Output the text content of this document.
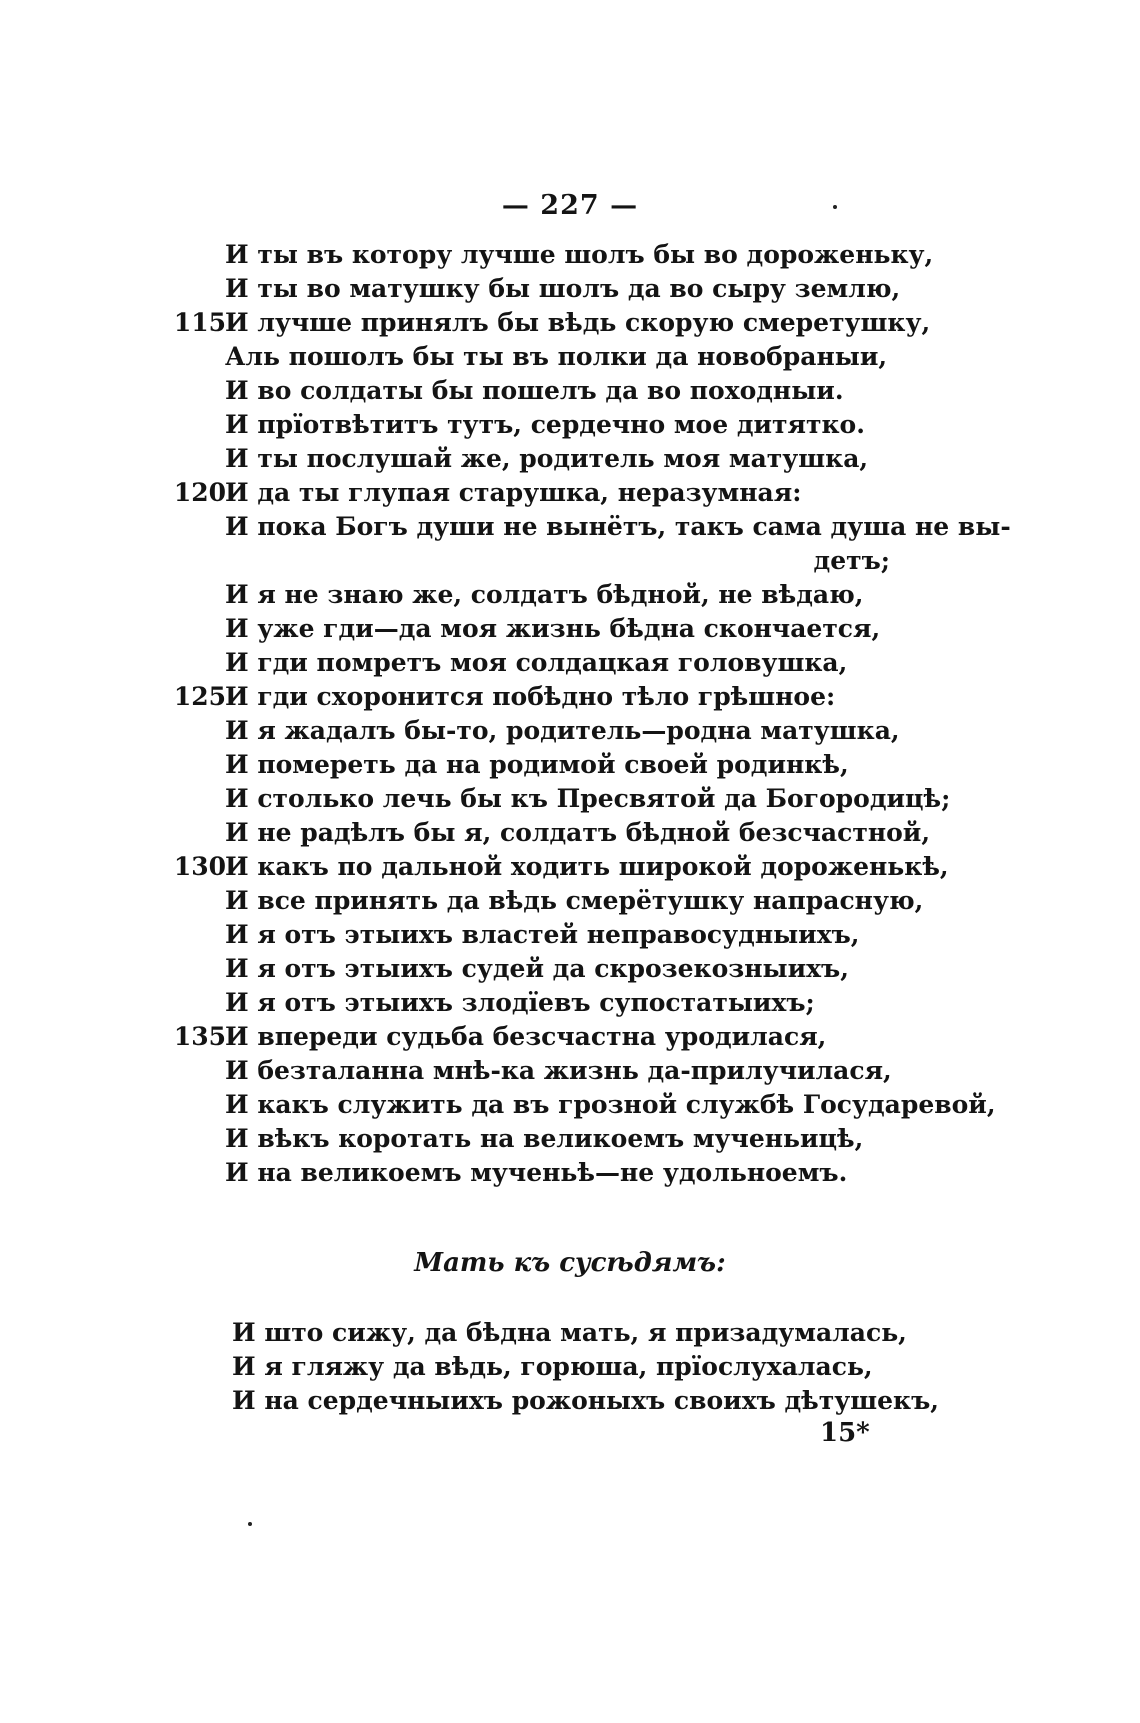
— 227 —
И ты въ котору лучше шолъ бы во дороженьку,
И ты во матушку бы шолъ да во сыру землю,
115 И лучше принялъ бы вѣдь скорую смеретушку,
Аль пошолъ бы ты въ полки да новобраныи,
И во солдаты бы пошелъ да во походныи.
И прїотвѣтитъ тутъ, сердечно мое дитятко.
И ты послушай же, родитель моя матушка,
120 И да ты глупая старушка, неразумная:
И пока Богъ души не вынётъ, такъ сама душа не вы-
детъ;
И я не знаю же, солдатъ бѣдной, не вѣдаю,
И уже гди—да моя жизнь бѣдна скончается,
И гди помретъ моя солдацкая головушка,
125 И гди схоронится побѣдно тѣло грѣшное:
И я жадалъ бы-то, родитель—родна матушка,
И помереть да на родимой своей родинкѣ,
И столько лечь бы къ Пресвятой да Богородицѣ;
И не радѣлъ бы я, солдатъ бѣдной безсчастной,
130 И какъ по дальной ходить широкой дороженькѣ,
И все принять да вѣдь смерётушку напрасную,
И я отъ этыихъ властей неправосудныихъ,
И я отъ этыихъ судей да скрозекозныихъ,
И я отъ этыихъ злодїевъ супостатыихъ;
135 И впереди судьба безсчастна уродилася,
И безталанна мнѣ-ка жизнь да-прилучилася,
И какъ служить да въ грозной службѣ Государевой,
И вѣкъ коротать на великоемъ мученьицѣ,
И на великоемъ мученьѣ—не удольноемъ.
И што сижу, да бѣдна мать, я призадумалась,
И я гляжу да вѣдь, горюша, прїослухалась,
И на сердечныихъ рожоныхъ своихъ дѣтушекъ,
Мать къ сусѣдямъ:
15*
